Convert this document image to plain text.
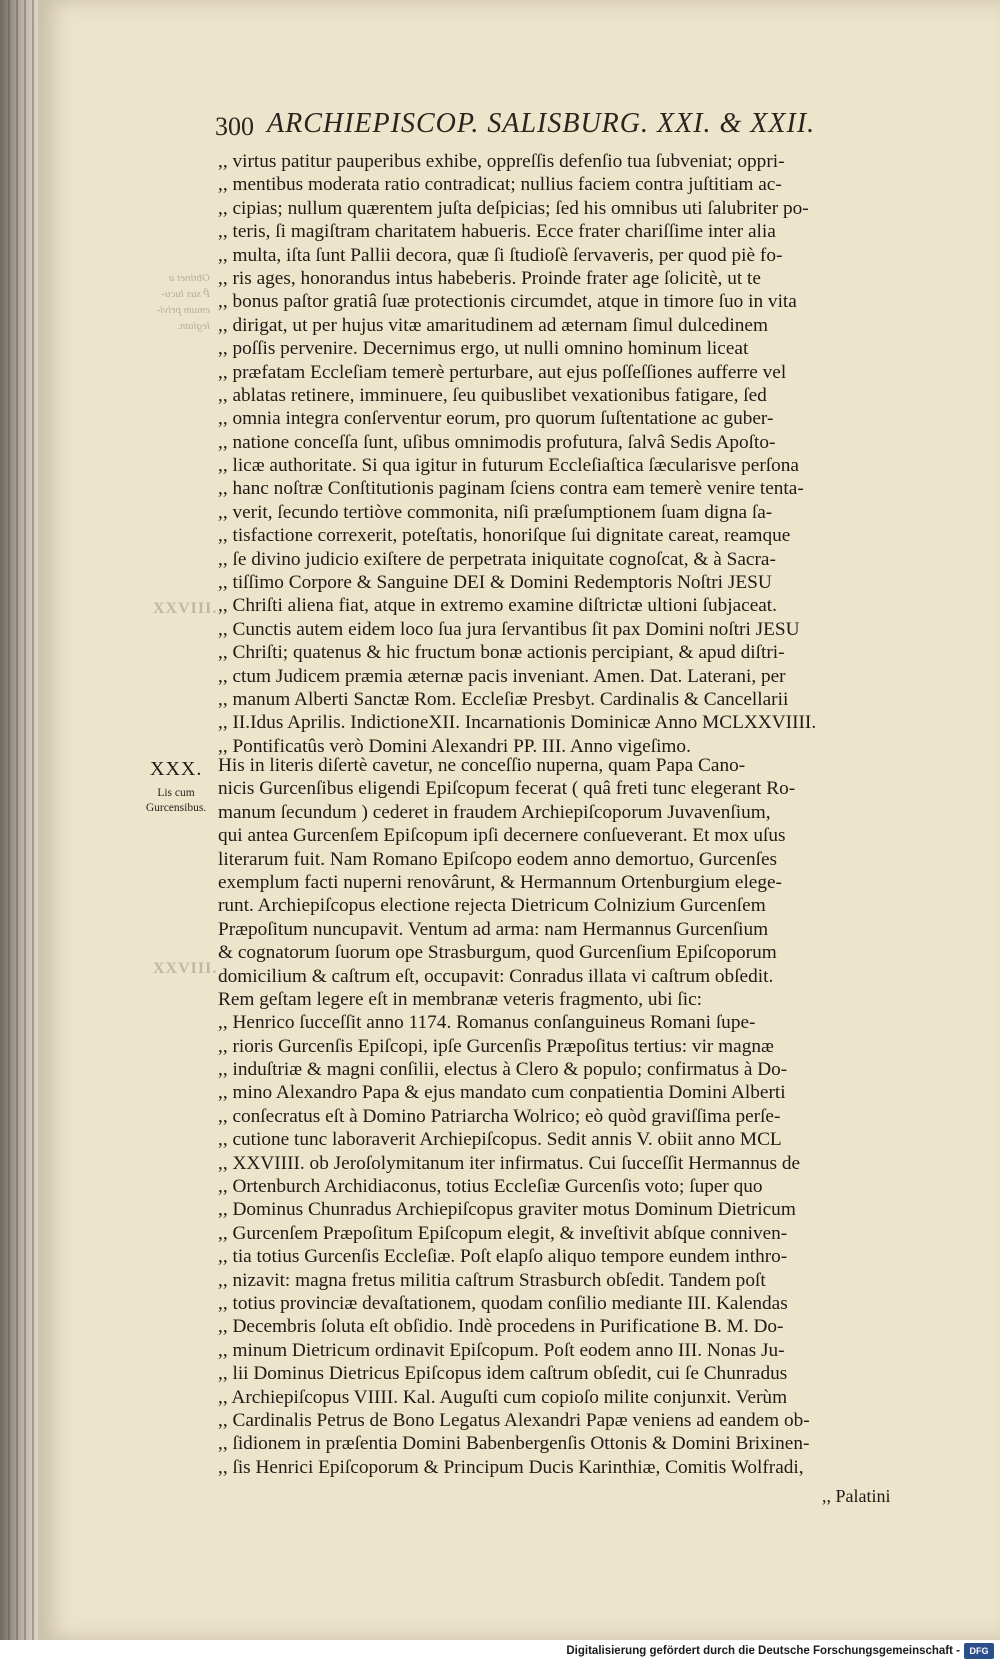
Obtinet a
P̃ sus lucu-
emum privi-
legium.
XXVIII.
XXVIII.
300 ARCHIEPISCOP. SALISBURG. XXI. & XXII.
,, virtus patitur pauperibus exhibe, oppreſſis defenſio tua ſubveniat; oppri-
,, mentibus moderata ratio contradicat; nullius faciem contra juſtitiam ac-
,, cipias; nullum quærentem juſta deſpicias; ſed his omnibus uti ſalubriter po-
,, teris, ſi magiſtram charitatem habueris. Ecce frater chariſſime inter alia
,, multa, iſta ſunt Pallii decora, quæ ſi ſtudioſè ſervaveris, per quod piè fo-
,, ris ages, honorandus intus habeberis. Proinde frater age ſolicitè, ut te
,, bonus paſtor gratiâ ſuæ protectionis circumdet, atque in timore ſuo in vita
,, dirigat, ut per hujus vitæ amaritudinem ad æternam ſimul dulcedinem
,, poſſis pervenire. Decernimus ergo, ut nulli omnino hominum liceat
,, præfatam Eccleſiam temerè perturbare, aut ejus poſſeſſiones aufferre vel
,, ablatas retinere, imminuere, ſeu quibuslibet vexationibus fatigare, ſed
,, omnia integra conſerventur eorum, pro quorum ſuſtentatione ac guber-
,, natione conceſſa ſunt, uſibus omnimodis profutura, ſalvâ Sedis Apoſto-
,, licæ authoritate. Si qua igitur in futurum Eccleſiaſtica ſæcularisve perſona
,, hanc noſtræ Conſtitutionis paginam ſciens contra eam temerè venire tenta-
,, verit, ſecundo tertiòve commonita, niſi præſumptionem ſuam digna ſa-
,, tisfactione correxerit, poteſtatis, honoriſque ſui dignitate careat, reamque
,, ſe divino judicio exiſtere de perpetrata iniquitate cognoſcat, & à Sacra-
,, tiſſimo Corpore & Sanguine DEI & Domini Redemptoris Noſtri JESU
,, Chriſti aliena fiat, atque in extremo examine diſtrictæ ultioni ſubjaceat.
,, Cunctis autem eidem loco ſua jura ſervantibus ſit pax Domini noſtri JESU
,, Chriſti; quatenus & hic fructum bonæ actionis percipiant, & apud diſtri-
,, ctum Judicem præmia æternæ pacis inveniant. Amen. Dat. Laterani, per
,, manum Alberti Sanctæ Rom. Eccleſiæ Presbyt. Cardinalis & Cancellarii
,, II.Idus Aprilis. IndictioneXII. Incarnationis Dominicæ Anno MCLXXVIIII.
,, Pontificatûs verò Domini Alexandri PP. III. Anno vigeſimo.
XXX.
Lis cum Gurcensibus.
His in literis diſertè cavetur, ne conceſſio nuperna, quam Papa Cano-
nicis Gurcenſibus eligendi Epiſcopum fecerat ( quâ freti tunc elegerant Ro-
manum ſecundum ) cederet in fraudem Archiepiſcoporum Juvavenſium,
qui antea Gurcenſem Epiſcopum ipſi decernere conſueverant. Et mox uſus
literarum fuit. Nam Romano Epiſcopo eodem anno demortuo, Gurcenſes
exemplum facti nuperni renovârunt, & Hermannum Ortenburgium elege-
runt. Archiepiſcopus electione rejecta Dietricum Colnizium Gurcenſem
Præpoſitum nuncupavit. Ventum ad arma: nam Hermannus Gurcenſium
& cognatorum ſuorum ope Strasburgum, quod Gurcenſium Epiſcoporum
domicilium & caſtrum eſt, occupavit: Conradus illata vi caſtrum obſedit.
Rem geſtam legere eſt in membranæ veteris fragmento, ubi ſic:
,, Henrico ſucceſſit anno 1174. Romanus conſanguineus Romani ſupe-
,, rioris Gurcenſis Epiſcopi, ipſe Gurcenſis Præpoſitus tertius: vir magnæ
,, induſtriæ & magni conſilii, electus à Clero & populo; confirmatus à Do-
,, mino Alexandro Papa & ejus mandato cum conpatientia Domini Alberti
,, conſecratus eſt à Domino Patriarcha Wolrico; eò quòd graviſſima perſe-
,, cutione tunc laboraverit Archiepiſcopus. Sedit annis V. obiit anno MCL
,, XXVIIII. ob Jeroſolymitanum iter infirmatus. Cui ſucceſſit Hermannus de
,, Ortenburch Archidiaconus, totius Eccleſiæ Gurcenſis voto; ſuper quo
,, Dominus Chunradus Archiepiſcopus graviter motus Dominum Dietricum
,, Gurcenſem Præpoſitum Epiſcopum elegit, & inveſtivit abſque conniven-
,, tia totius Gurcenſis Eccleſiæ. Poſt elapſo aliquo tempore eundem inthro-
,, nizavit: magna fretus militia caſtrum Strasburch obſedit. Tandem poſt
,, totius provinciæ devaſtationem, quodam conſilio mediante III. Kalendas
,, Decembris ſoluta eſt obſidio. Indè procedens in Purificatione B. M. Do-
,, minum Dietricum ordinavit Epiſcopum. Poſt eodem anno III. Nonas Ju-
,, lii Dominus Dietricus Epiſcopus idem caſtrum obſedit, cui ſe Chunradus
,, Archiepiſcopus VIIII. Kal. Auguſti cum copioſo milite conjunxit. Verùm
,, Cardinalis Petrus de Bono Legatus Alexandri Papæ veniens ad eandem ob-
,, ſidionem in præſentia Domini Babenbergenſis Ottonis & Domini Brixinen-
,, ſis Henrici Epiſcoporum & Principum Ducis Karinthiæ, Comitis Wolfradi,
,, Palatini
Digitalisierung gefördert durch die Deutsche Forschungsgemeinschaft -	DFG
